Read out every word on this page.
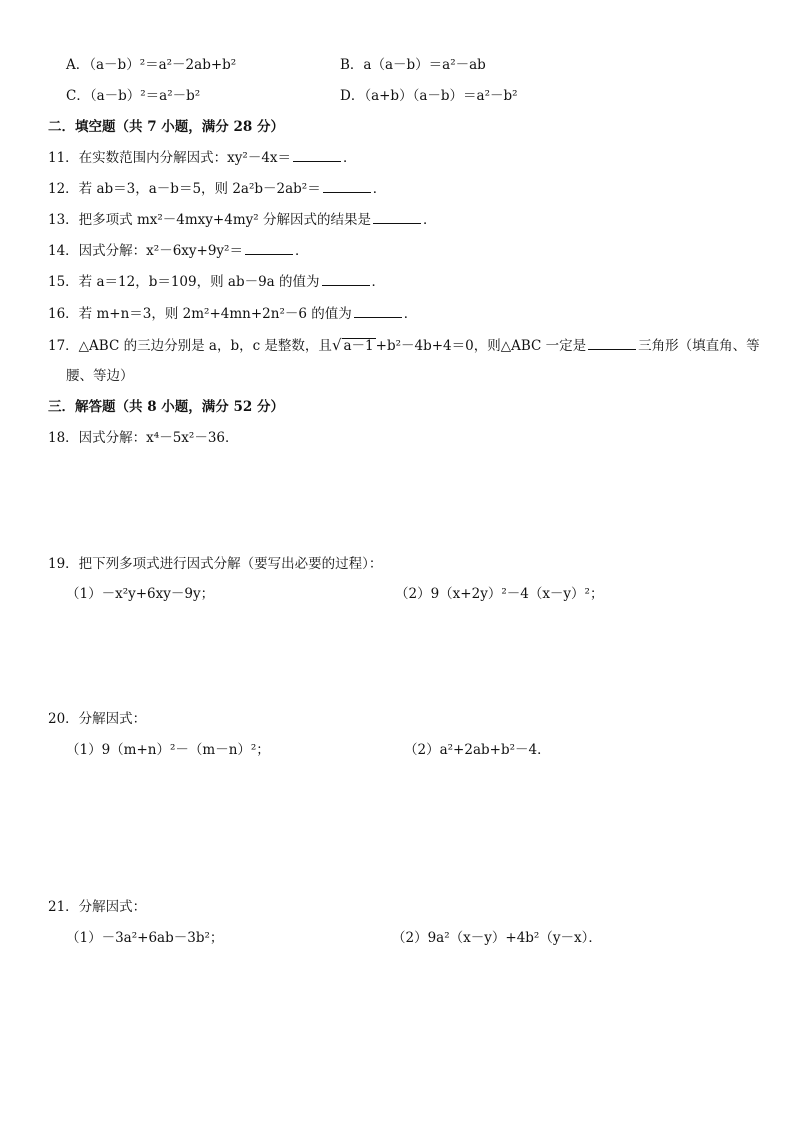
A．（a－b）²＝a²－2ab+b²	B．a（a－b）＝a²－ab
C．（a－b）²＝a²－b²	D．（a+b）（a－b）＝a²－b²
二．填空题（共 7 小题，满分 28 分）
11．在实数范围内分解因式：xy²－4x＝	．
12．若 ab＝3，a－b＝5，则 2a²b－2ab²＝	．
13．把多项式 mx²－4mxy+4my² 分解因式的结果是	．
14．因式分解：x²－6xy+9y²＝	．
15．若 a＝12，b＝109，则 ab－9a 的值为	．
16．若 m+n＝3，则 2m²+4mn+2n²－6 的值为	．
17．△ABC 的三边分别是 a，b，c 是整数，且√ a－1 +b²－4b+4＝0，则△ABC 一定是	三角形（填直角、等
腰、等边）
三．解答题（共 8 小题，满分 52 分）
18．因式分解：x⁴－5x²－36．
19．把下列多项式进行因式分解（要写出必要的过程）：
（1）－x²y+6xy－9y；	（2）9（x+2y）²－4（x－y）²；
20．分解因式：
（1）9（m+n）²－（m－n）²；	（2）a²+2ab+b²－4．
21．分解因式：
（1）－3a²+6ab－3b²；	（2）9a²（x－y）+4b²（y－x）．
